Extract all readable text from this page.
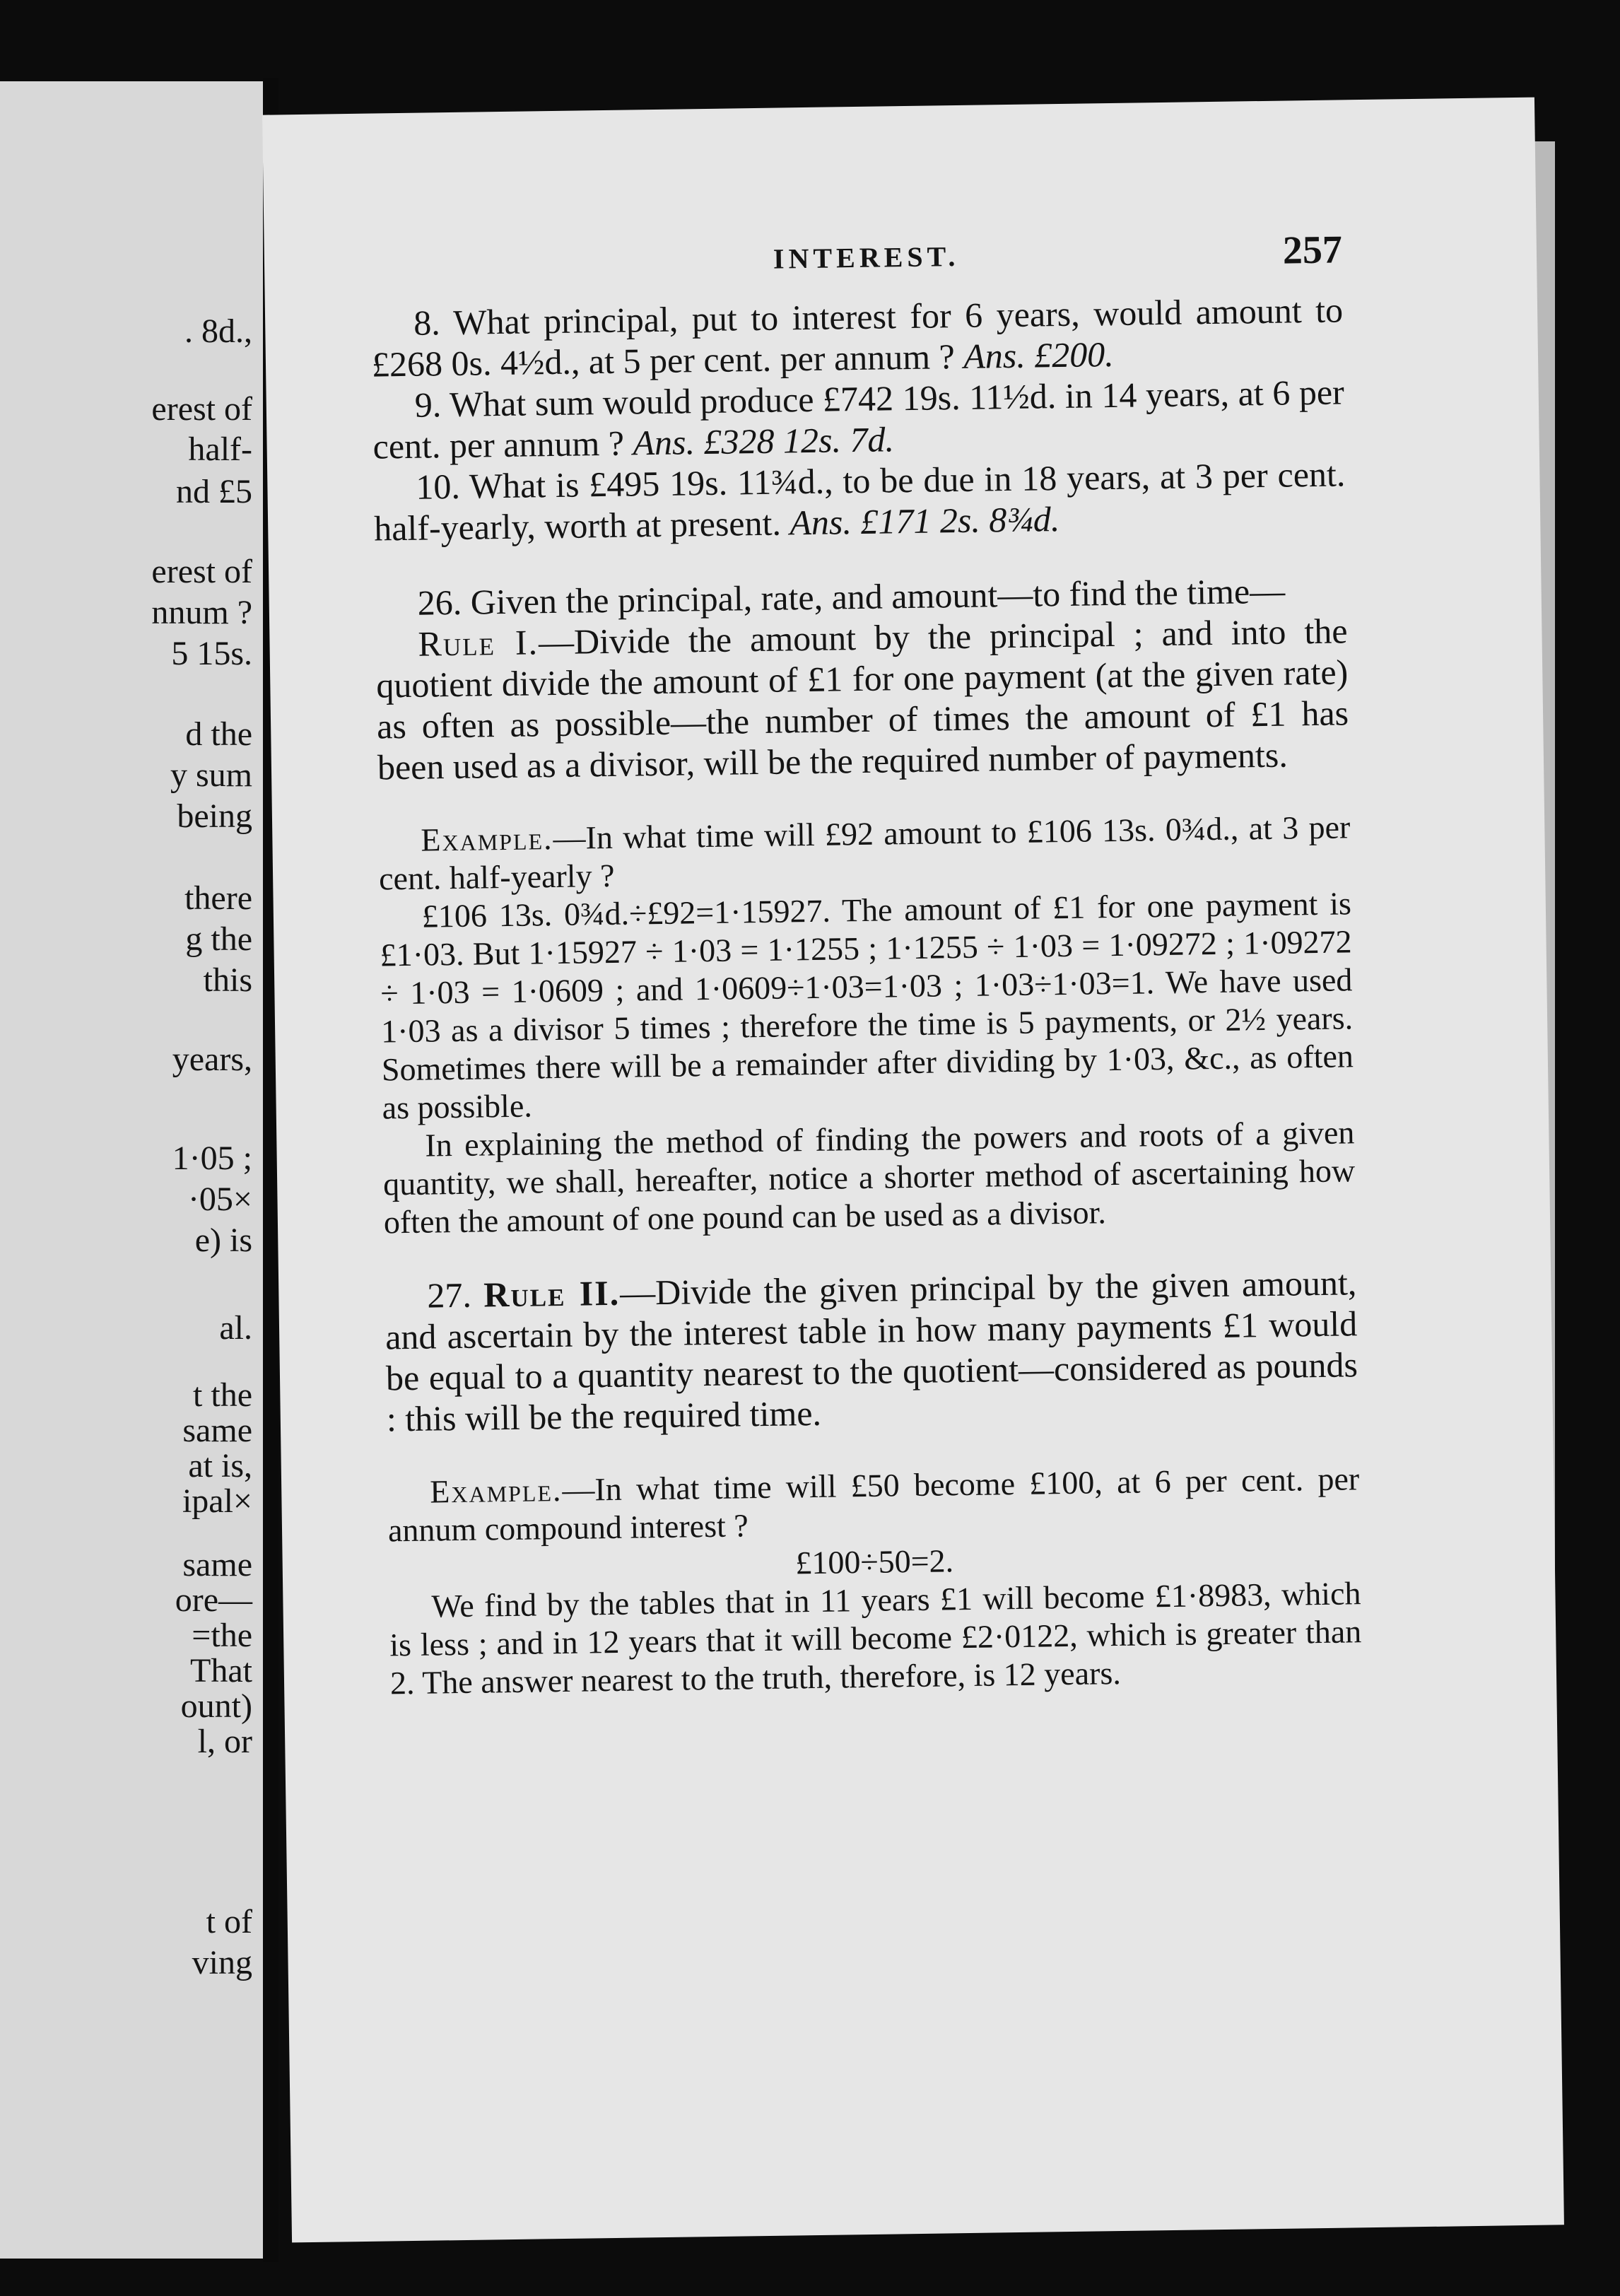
. 8d.,
erest of
half-
nd £5
erest of
nnum ?
5 15s.
d the
y sum
being
there
g the
this
years,
1·05 ;
·05×
e) is
al.
t the
same
at is,
ipal×
same
ore—
=the
That
ount)
l, or
t of
ving
INTEREST.	257

8. What principal, put to interest for 6 years, would amount to £268 0s. 4½d., at 5 per cent. per annum ? Ans. £200.

9. What sum would produce £742 19s. 11½d. in 14 years, at 6 per cent. per annum ? Ans. £328 12s. 7d.

10. What is £495 19s. 11¾d., to be due in 18 years, at 3 per cent. half-yearly, worth at present. Ans. £171 2s. 8¾d.

26. Given the principal, rate, and amount—to find the time—

Rule I.—Divide the amount by the principal ; and into the quotient divide the amount of £1 for one payment (at the given rate) as often as possible—the number of times the amount of £1 has been used as a divisor, will be the required number of payments.

Example.—In what time will £92 amount to £106 13s. 0¾d., at 3 per cent. half-yearly ?

£106 13s. 0¾d.÷£92=1·15927. The amount of £1 for one payment is £1·03. But 1·15927 ÷ 1·03 = 1·1255 ; 1·1255 ÷ 1·03 = 1·09272 ; 1·09272 ÷ 1·03 = 1·0609 ; and 1·0609÷1·03=1·03 ; 1·03÷1·03=1. We have used 1·03 as a divisor 5 times ; therefore the time is 5 payments, or 2½ years. Sometimes there will be a remainder after dividing by 1·03, &c., as often as possible.

In explaining the method of finding the powers and roots of a given quantity, we shall, hereafter, notice a shorter method of ascertaining how often the amount of one pound can be used as a divisor.

27. Rule II.—Divide the given principal by the given amount, and ascertain by the interest table in how many payments £1 would be equal to a quantity nearest to the quotient—considered as pounds : this will be the required time.

Example.—In what time will £50 become £100, at 6 per cent. per annum compound interest ?

£100÷50=2.

We find by the tables that in 11 years £1 will become £1·8983, which is less ; and in 12 years that it will become £2·0122, which is greater than 2. The answer nearest to the truth, therefore, is 12 years.
